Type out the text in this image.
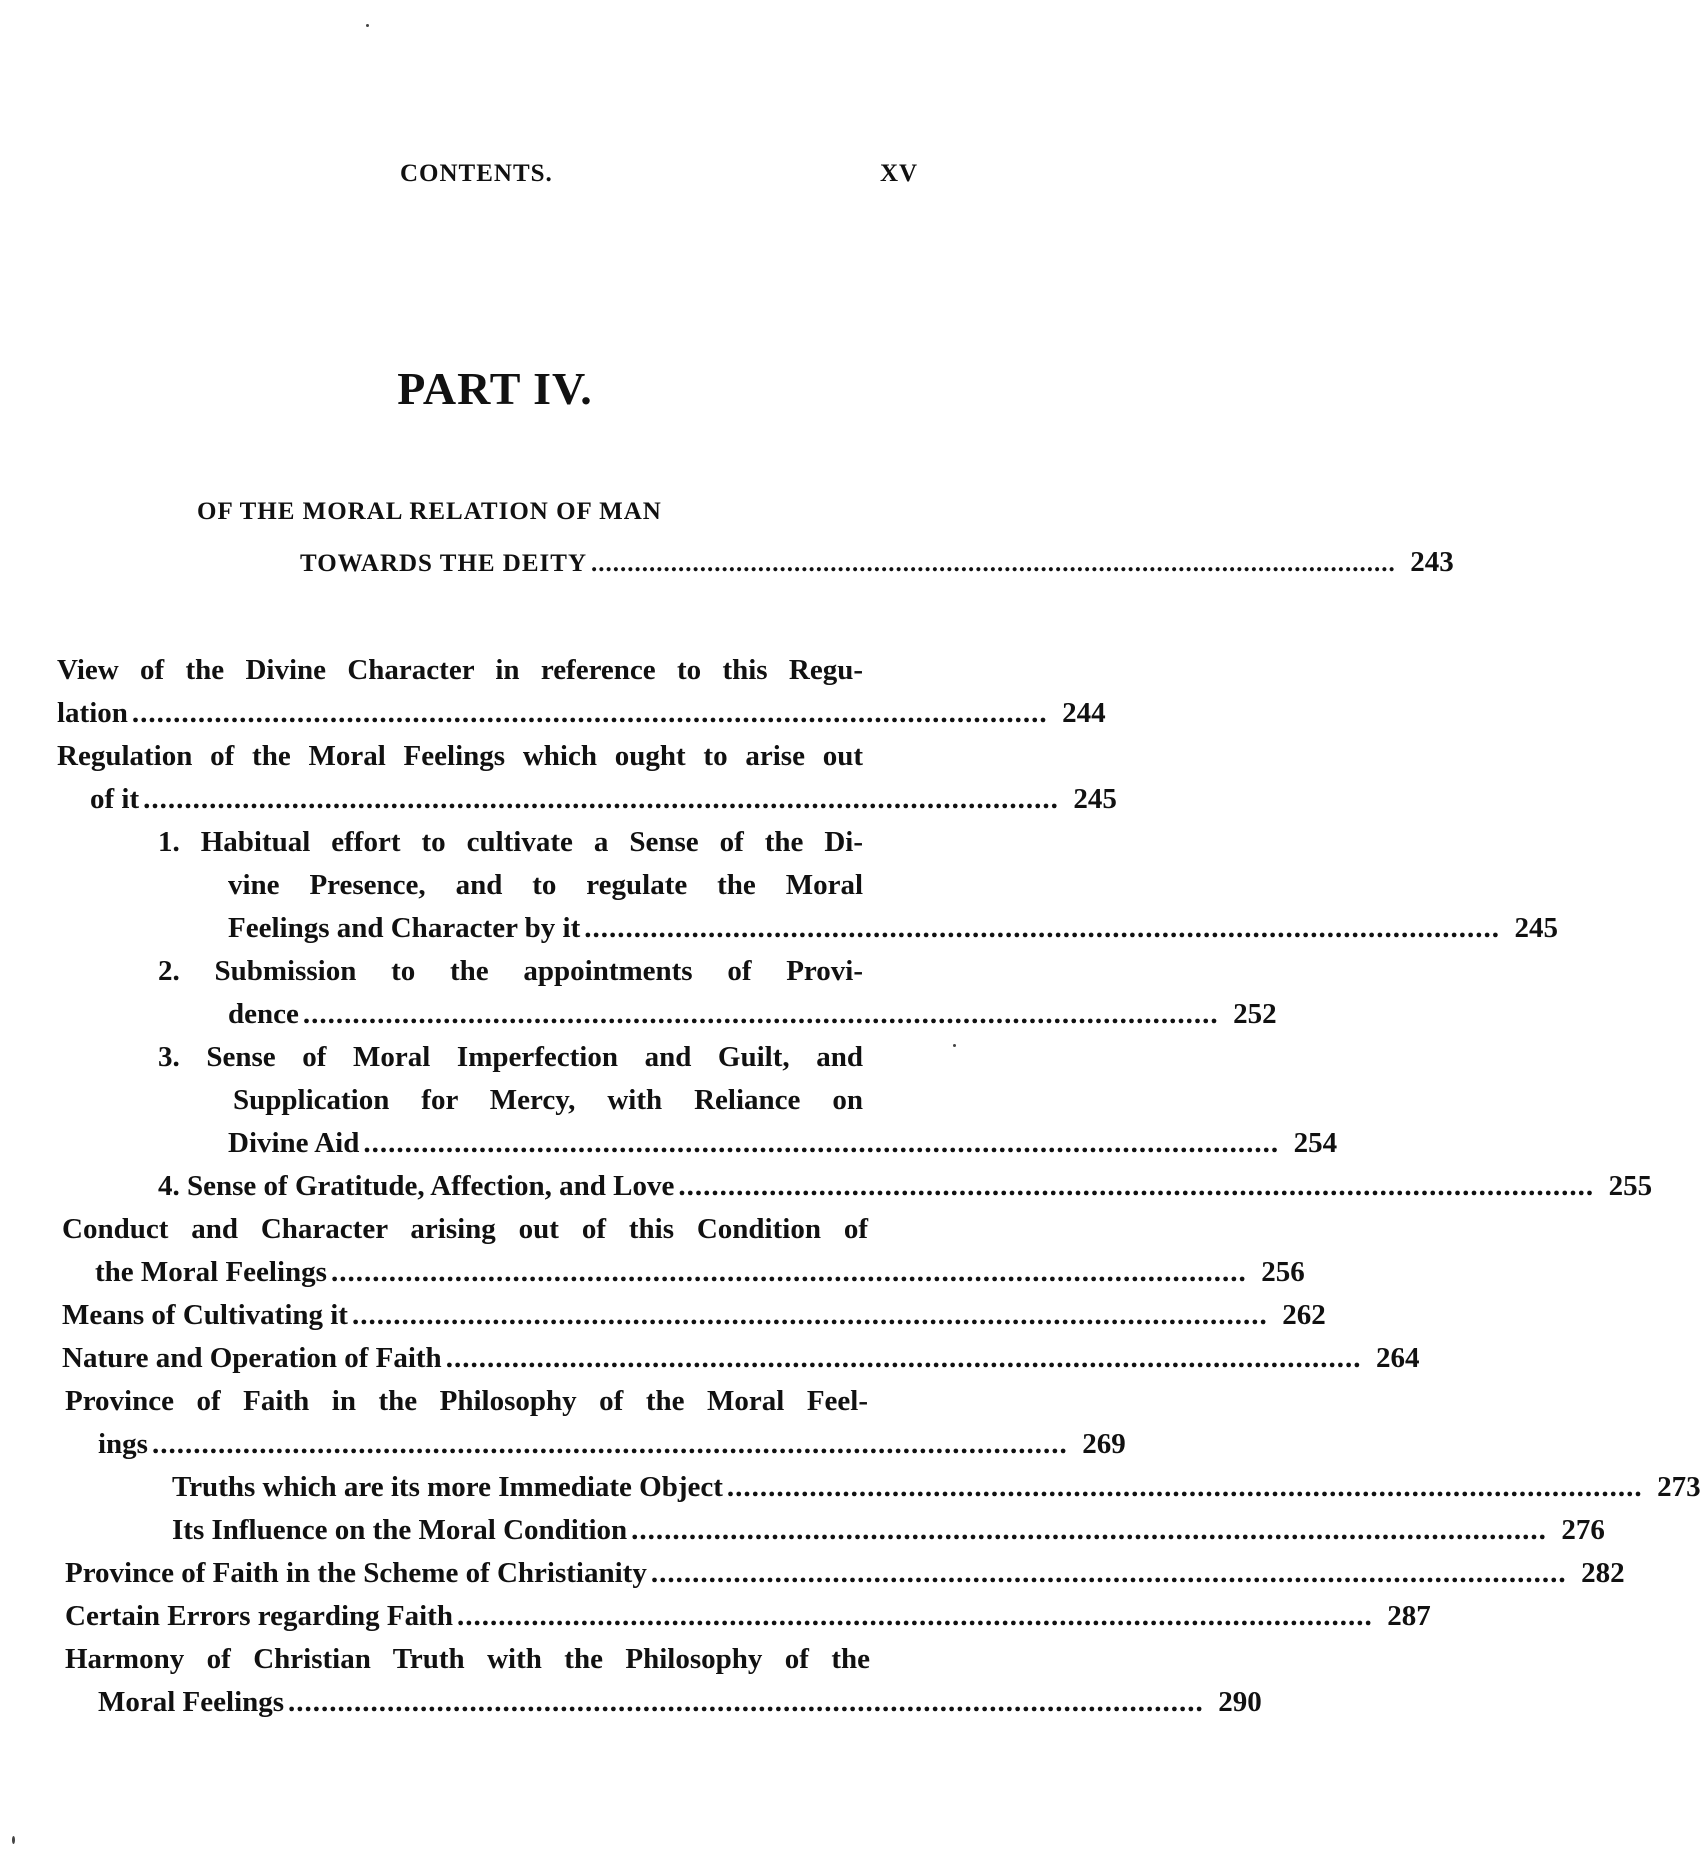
CONTENTS.	XV
PART IV.
OF THE MORAL RELATION OF MAN
TOWARDS THE DEITY ............................................................................................................... 243
View of the Divine Character in reference to this Regu-
lation ............................................................................................................... 244
Regulation of the Moral Feelings which ought to arise out
of it ............................................................................................................... 245
1. Habitual effort to cultivate a Sense of the Di-
vine Presence, and to regulate the Moral
Feelings and Character by it ............................................................................................................... 245
2. Submission to the appointments of Provi-
dence ............................................................................................................... 252
3. Sense of Moral Imperfection and Guilt, and
Supplication for Mercy, with Reliance on
Divine Aid ............................................................................................................... 254
4. Sense of Gratitude, Affection, and Love ............................................................................................................... 255
Conduct and Character arising out of this Condition of
the Moral Feelings ............................................................................................................... 256
Means of Cultivating it ............................................................................................................... 262
Nature and Operation of Faith ............................................................................................................... 264
Province of Faith in the Philosophy of the Moral Feel-
ings ............................................................................................................... 269
Truths which are its more Immediate Object ............................................................................................................... 273
Its Influence on the Moral Condition ............................................................................................................... 276
Province of Faith in the Scheme of Christianity ............................................................................................................... 282
Certain Errors regarding Faith ............................................................................................................... 287
Harmony of Christian Truth with the Philosophy of the
Moral Feelings ............................................................................................................... 290
